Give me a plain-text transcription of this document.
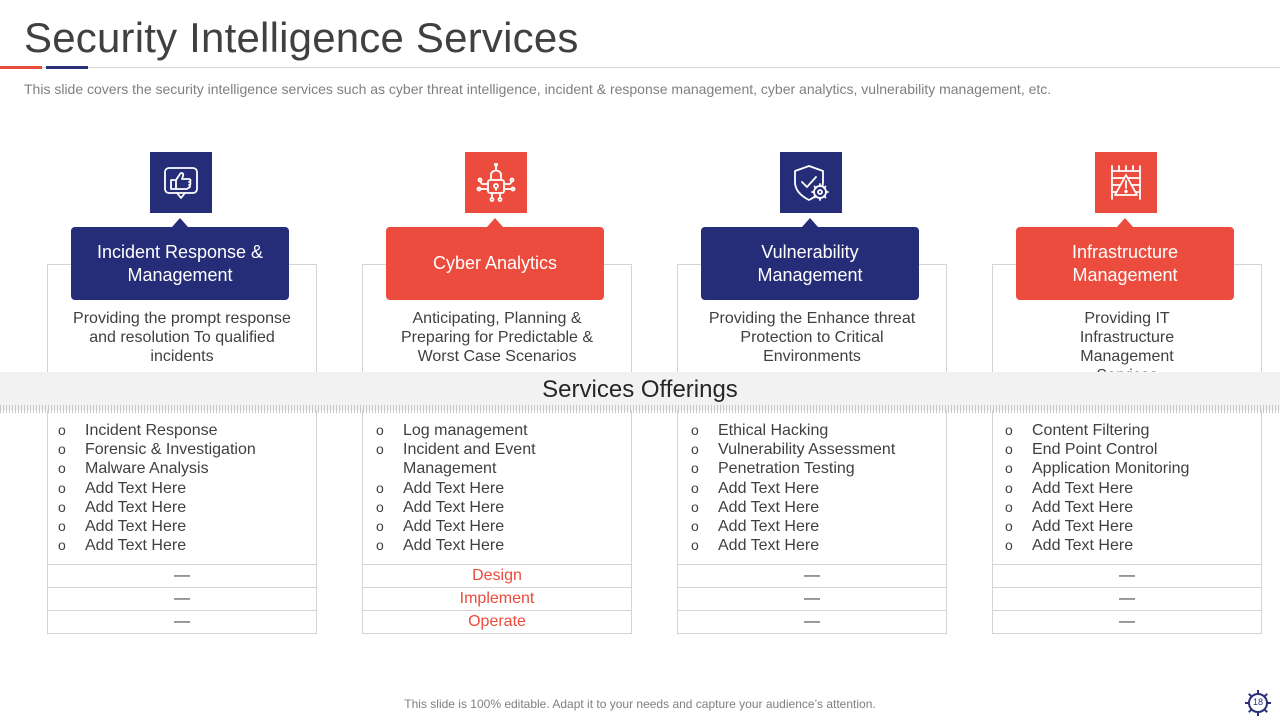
Security Intelligence Services
This slide covers the security intelligence services such as cyber threat intelligence, incident & response management, cyber analytics, vulnerability management, etc.
Incident Response & Management
Providing the prompt response and resolution To qualified incidents
o Incident Response
o Forensic & Investigation
o Malware Analysis
o Add Text Here
o Add Text Here
o Add Text Here
o Add Text Here
—
—
—
Cyber Analytics
Anticipating, Planning & Preparing for Predictable & Worst Case Scenarios
o Log management
o Incident and Event Management
o Add Text Here
o Add Text Here
o Add Text Here
o Add Text Here
Design
Implement
Operate
Vulnerability Management
Providing the Enhance threat Protection to Critical Environments
o Ethical Hacking
o Vulnerability Assessment
o Penetration Testing
o Add Text Here
o Add Text Here
o Add Text Here
o Add Text Here
—
—
—
Infrastructure Management
Providing IT Infrastructure Management
o Content Filtering
o End Point Control
o Application Monitoring
o Add Text Here
o Add Text Here
o Add Text Here
o Add Text Here
—
—
—
Services Offerings
This slide is 100% editable. Adapt it to your needs and capture your audience’s attention.	18
